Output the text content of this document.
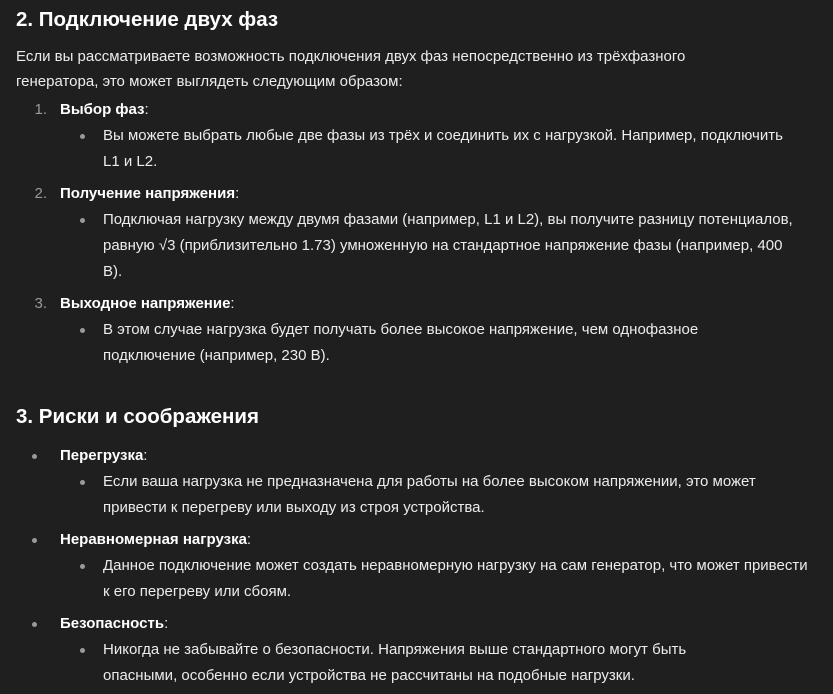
2. Подключение двух фаз

Если вы рассматриваете возможность подключения двух фаз непосредственно из трёхфазного генератора, это может выглядеть следующим образом:

1. Выбор фаз:
Вы можете выбрать любые две фазы из трёх и соединить их с нагрузкой. Например, подключить L1 и L2.
2. Получение напряжения:
Подключая нагрузку между двумя фазами (например, L1 и L2), вы получите разницу потенциалов, равную √3 (приблизительно 1.73) умноженную на стандартное напряжение фазы (например, 400 В).
3. Выходное напряжение:
В этом случае нагрузка будет получать более высокое напряжение, чем однофазное подключение (например, 230 В).
3. Риски и соображения
Перегрузка:
Если ваша нагрузка не предназначена для работы на более высоком напряжении, это может привести к перегреву или выходу из строя устройства.
Неравномерная нагрузка:
Данное подключение может создать неравномерную нагрузку на сам генератор, что может привести к его перегреву или сбоям.
Безопасность:
Никогда не забывайте о безопасности. Напряжения выше стандартного могут быть опасными, особенно если устройства не рассчитаны на подобные нагрузки.
